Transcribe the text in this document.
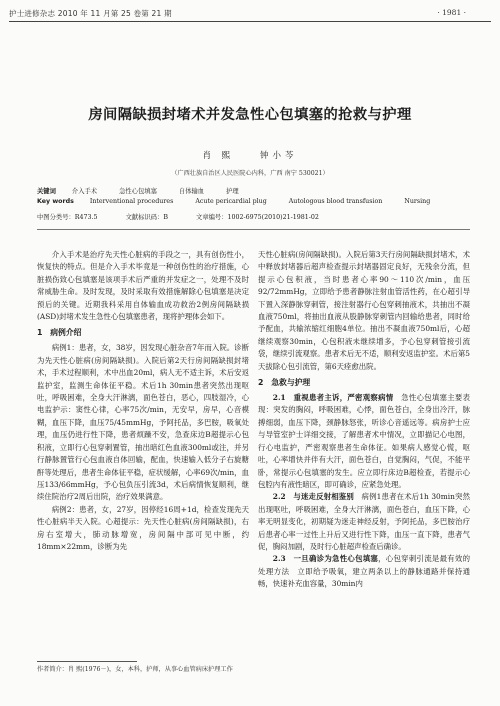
护士进修杂志 2010 年 11 月第 25 卷第 21 期	· 1981 ·
房间隔缺损封堵术并发急性心包填塞的抢救与护理
肖 熙 　 钟小芩
（广西壮族自治区人民医院心内科，广西 南宁 530021）
关键词	介入手术	急性心包填塞	自体输血	护理
Key words	Interventional procedures	Acute pericardial plug	Autologous blood transfusion	Nursing
中图分类号：R473.5	文献标识码：B	文章编号：1002-6975(2010)21-1981-02

介入手术是治疗先天性心脏病的手段之一，具有创伤性小，恢复快的特点。但是介入手术毕竟是一种创伤性的治疗措施，心脏损伤致心包填塞是该项手术后严重的并发症之一，处理不及时常威胁生命。及时发现，及时采取有效措施解除心包填塞是决定预后的关键。近期我科采用自体输血成功救治2例房间隔缺损(ASD)封堵术发生急性心包填塞患者，现将护理体会如下。

1　病例介绍

病例1：患者，女，38岁，因发现心脏杂音7年而入院。诊断为先天性心脏病(房间隔缺损)。入院后第2天行房间隔缺损封堵术，手术过程顺利，术中出血20ml，病人无不适主诉，术后安返监护室，监测生命体征平稳。术后1h 30min患者突然出现呕吐，呼吸困难，全身大汗淋漓，面色苍白，恶心，四肢湿冷，心电监护示：窦性心律，心率75次/min，无安早，房早，心音模糊，血压下降，血压75/45mmHg，予阿托品，多巴胺，吸氧处理，血压仍进行性下降，患者烦躁不安，急查床边B超提示心包积液，立即行心包穿刺置管，抽出暗红色血液300ml或注，并另行静脉置管行心包血液自体回输，配血，快速输入低分子右旋糖酐等处理后，患者生命体征平稳，症状缓解，心率69次/min，血压133/66mmHg，予心包负压引流3d，术后病情恢复顺利，继续住院治疗2周后出院，治疗效果满意。

病例2：患者，女，27岁，因停经16周+1d，检查发现先天性心脏病半天入院。心超提示：先天性心脏病(房间隔缺损)，右房右室增大，肺动脉增宽，房间隔中部可见中断，约18mm×22mm，诊断为先

天性心脏病(房间隔缺损)。入院后第3天行房间隔缺损封堵术，术中释放封堵器后超声检查提示封堵器固定良好，无残余分流，但提示心包积液，当时患者心率90～110次/min，血压92/72mmHg，立即给予患者静脉注射血管活性药，在心超引导下置入深静脉穿刺管，接注射器行心包穿刺抽液术，共抽出不凝血液750ml，将抽出血液从股静脉穿刺管内回输给患者，同时给予配血，共输浓缩红细胞4单位。抽出不凝血液750ml后，心超继续观察30min，心包积液未继续增多，予心包穿刺管接引流袋，继续引流观察。患者术后无不适，顺利安返监护室。术后第5天拔除心包引流管，第6天痊愈出院。

2　急救与护理

2.1　重视患者主诉，严密观察病情　 急性心包填塞主要表现：突发的胸闷，呼吸困难，心悸，面色苍白，全身出冷汗，脉搏细弱，血压下降，颈静脉怒张，听诊心音遥远等。病房护士应与导管室护士详细交接，了解患者术中情况，立即描记心电图，行心电监护，严密观察患者生命体征。如果病人感觉心慌，呕吐，心率增快并伴有大汗，面色苍白，自觉胸闷，气促，不能平卧，常提示心包填塞的发生。应立即行床边B超检查，若提示心包腔内有液性暗区，即可确诊，应紧急处理。

2.2　与迷走反射相鉴别　 病例1患者在术后1h 30min突然出现呕吐，呼吸困难，全身大汗淋漓，面色苍白，血压下降，心率无明显变化，初期疑为迷走神经反射，予阿托品，多巴胺治疗后患者心率一过性上升后又进行性下降，血压一直下降，患者气促，胸闷加剧，及时行心脏超声检查后确诊。

2.3　一旦确诊为急性心包填塞，心包穿刺引流是最有效的处理方法　立即给予吸氧，建立两条以上的静脉通路并保持通畅，快速补充血容量，30min内

作者简介：肖 熙(1976－)，女，本科，护师，从事心血管病床护理工作
